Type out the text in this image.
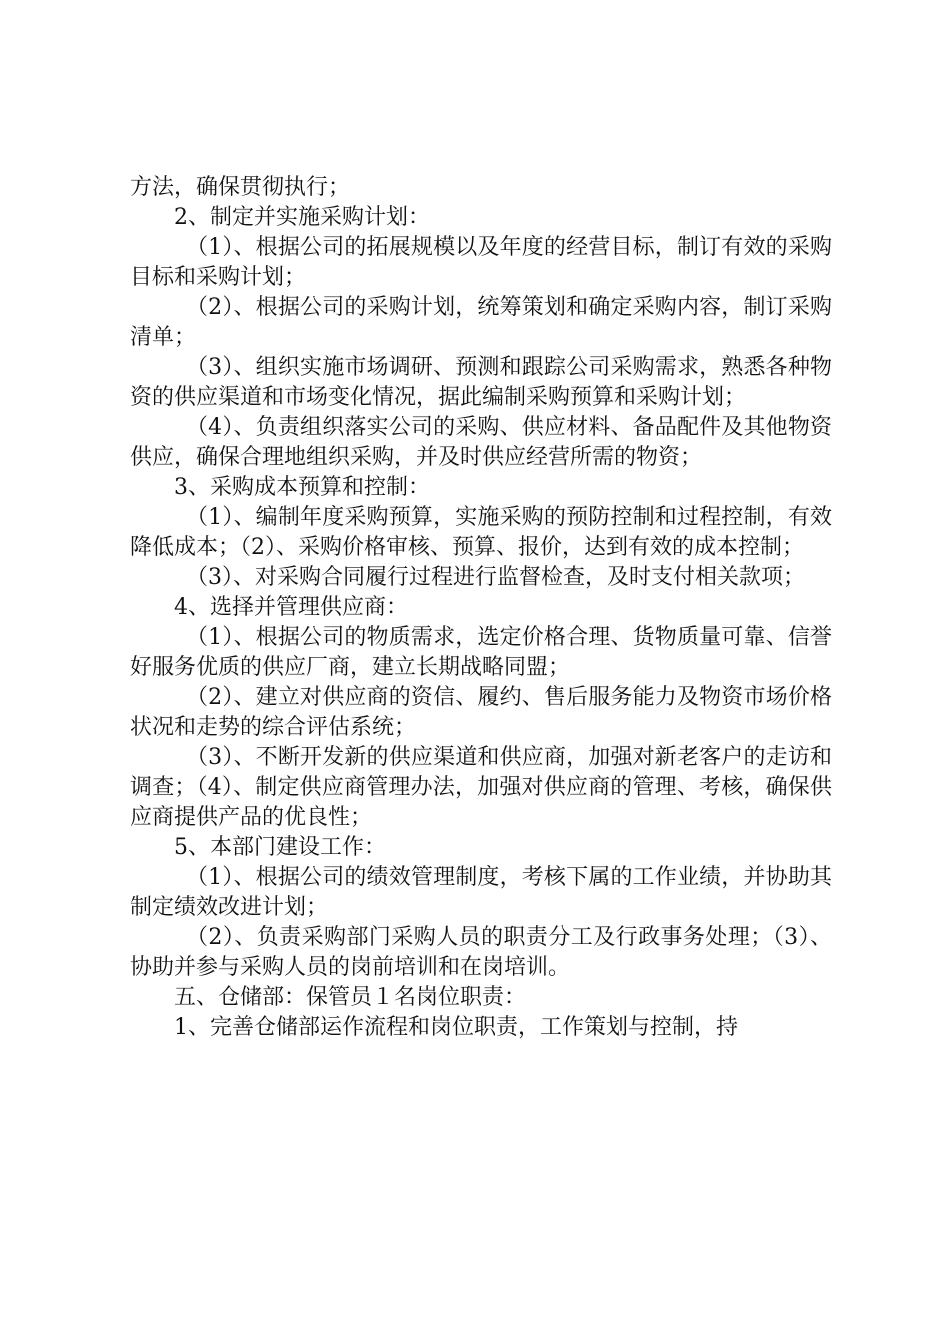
方法，确保贯彻执行；

2、制定并实施采购计划：

（1）、根据公司的拓展规模以及年度的经营目标，制订有效的采购目标和采购计划；

（2）、根据公司的采购计划，统筹策划和确定采购内容，制订采购清单；

（3）、组织实施市场调研、预测和跟踪公司采购需求，熟悉各种物资的供应渠道和市场变化情况，据此编制采购预算和采购计划；

（4）、负责组织落实公司的采购、供应材料、备品配件及其他物资供应，确保合理地组织采购，并及时供应经营所需的物资；

3、采购成本预算和控制：

（1）、编制年度采购预算，实施采购的预防控制和过程控制，有效降低成本；（2）、采购价格审核、预算、报价，达到有效的成本控制；

（3）、对采购合同履行过程进行监督检查，及时支付相关款项；

4、选择并管理供应商：

（1）、根据公司的物质需求，选定价格合理、货物质量可靠、信誉好服务优质的供应厂商，建立长期战略同盟；

（2）、建立对供应商的资信、履约、售后服务能力及物资市场价格状况和走势的综合评估系统；

（3）、不断开发新的供应渠道和供应商，加强对新老客户的走访和调查；（4）、制定供应商管理办法，加强对供应商的管理、考核，确保供应商提供产品的优良性；

5、本部门建设工作：

（1）、根据公司的绩效管理制度，考核下属的工作业绩，并协助其制定绩效改进计划；

（2）、负责采购部门采购人员的职责分工及行政事务处理；（3）、协助并参与采购人员的岗前培训和在岗培训。

五、仓储部：保管员１名岗位职责：

1、完善仓储部运作流程和岗位职责，工作策划与控制，持
